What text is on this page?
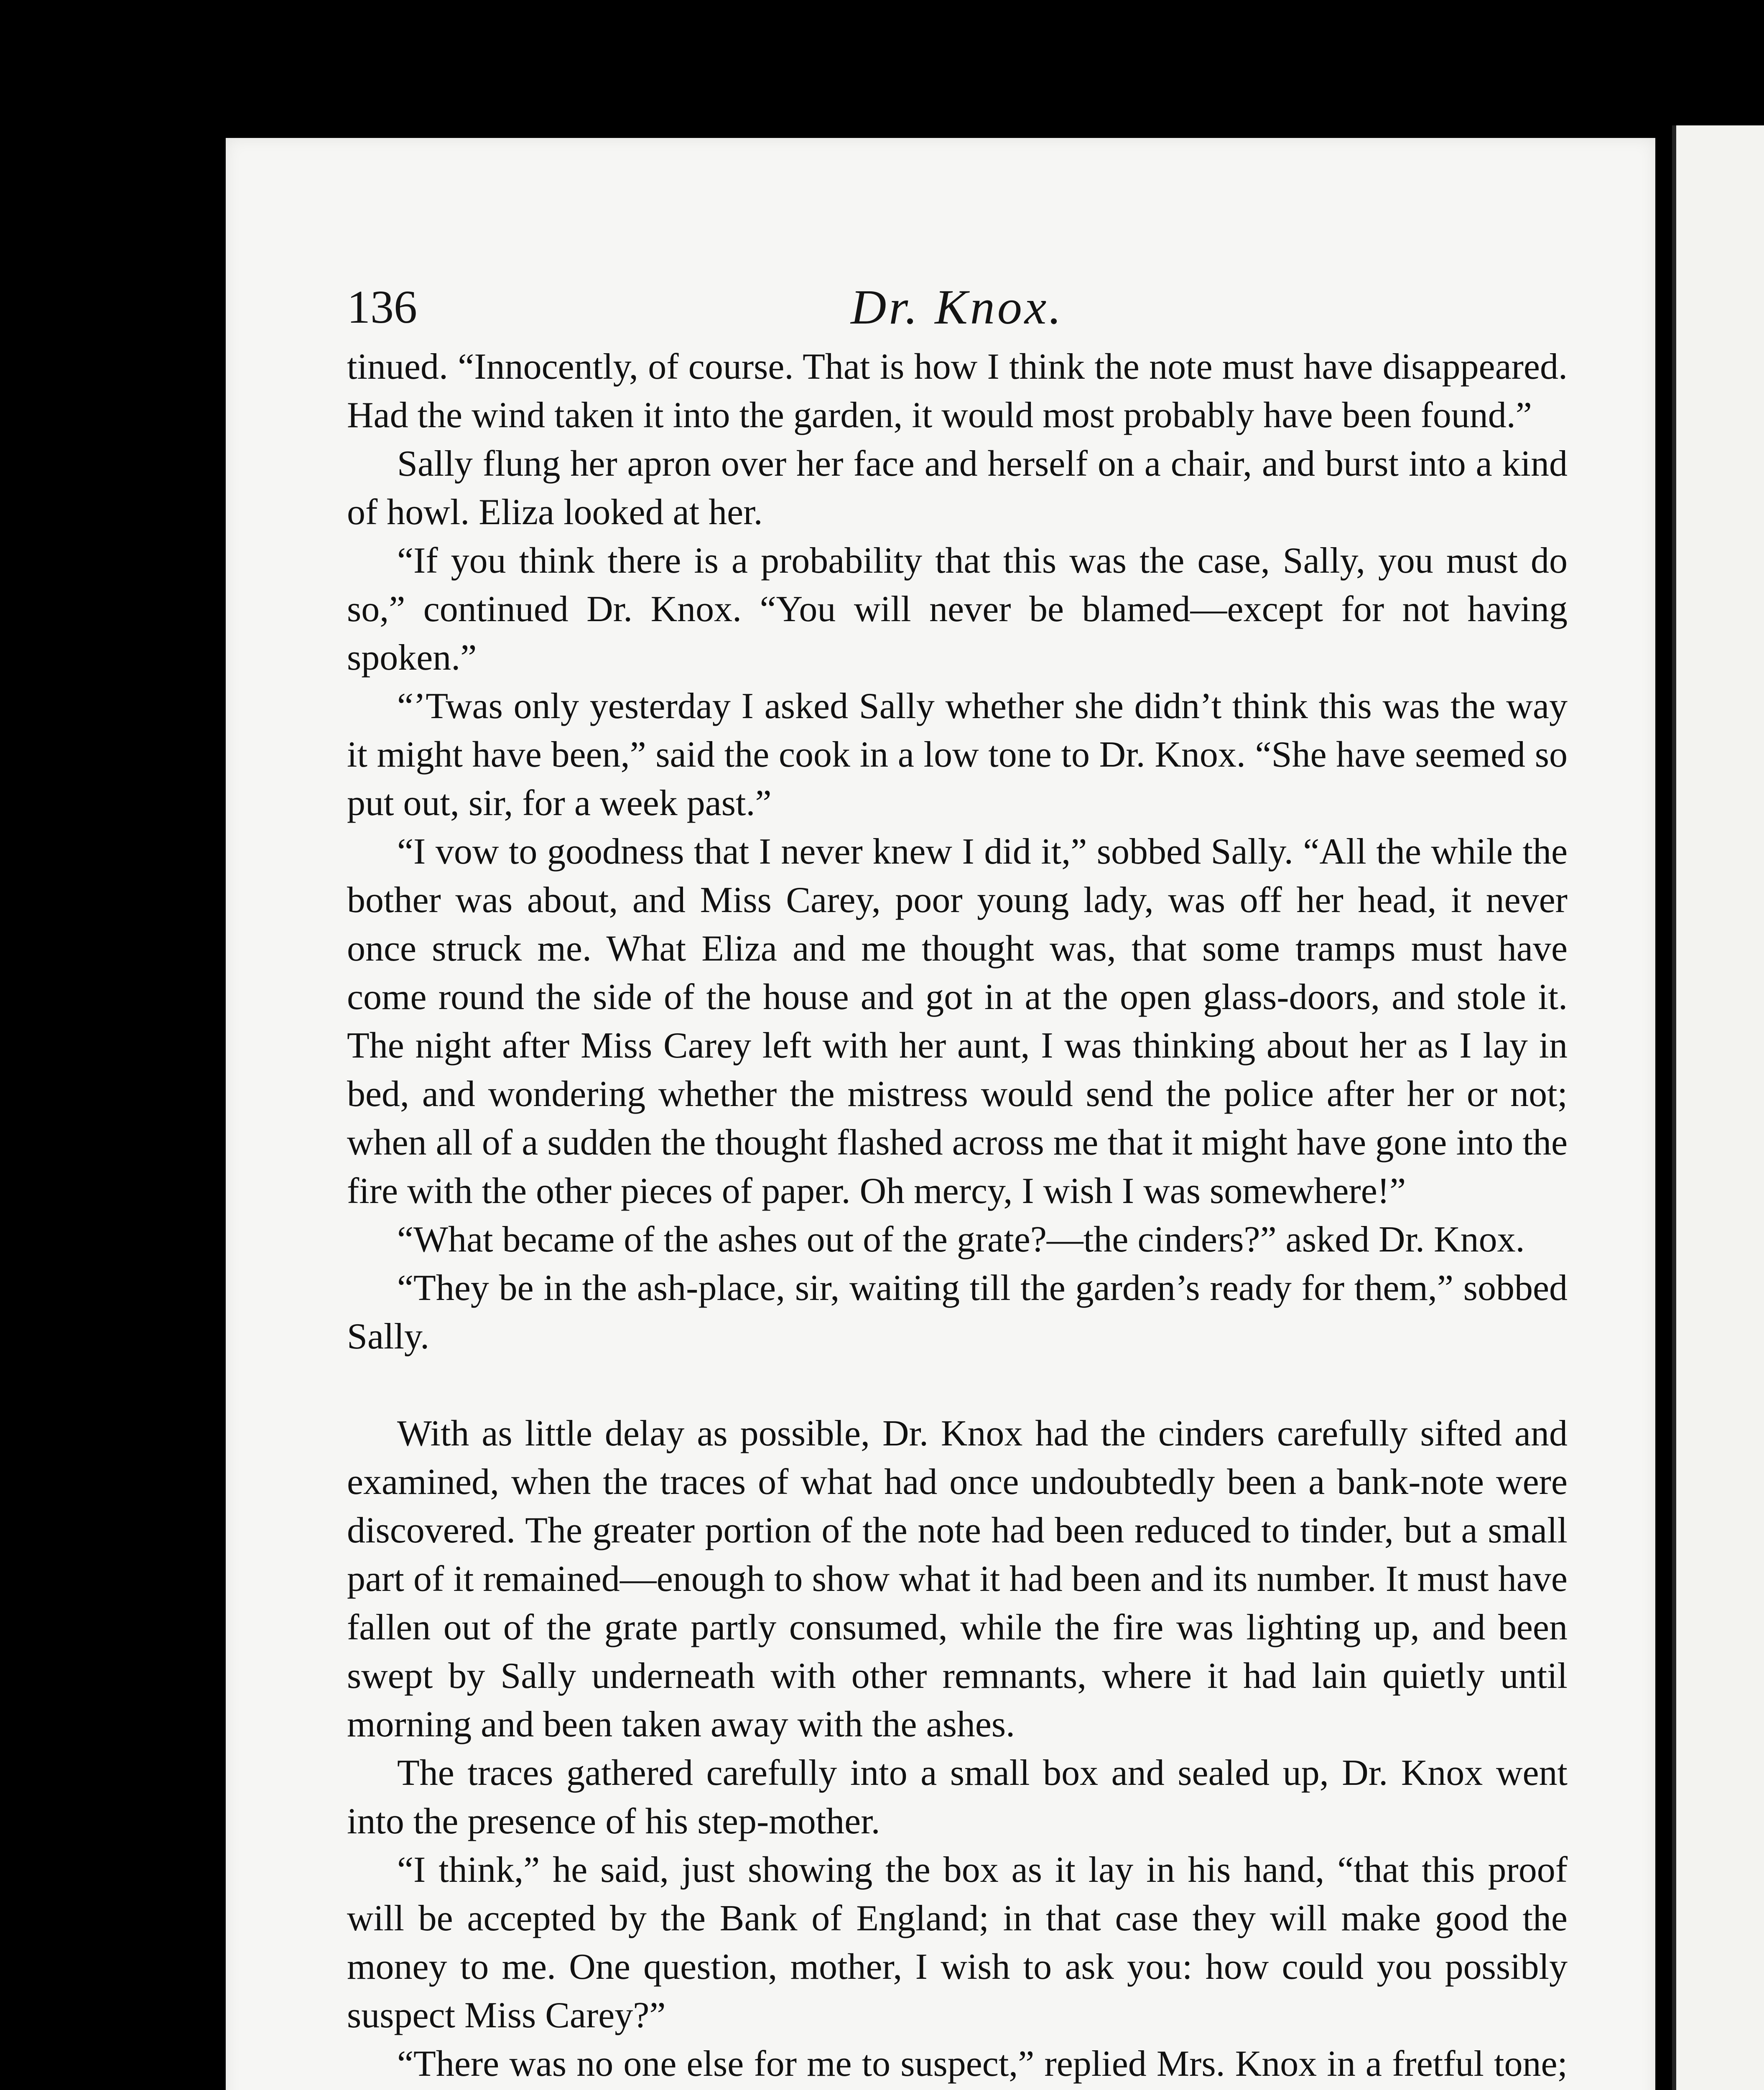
136	Dr. Knox.

tinued. “Innocently, of course. That is how I think the note must have disappeared. Had the wind taken it into the garden, it would most probably have been found.”

Sally flung her apron over her face and herself on a chair, and burst into a kind of howl. Eliza looked at her.

“If you think there is a probability that this was the case, Sally, you must do so,” continued Dr. Knox. “You will never be blamed—except for not having spoken.”

“’Twas only yesterday I asked Sally whether she didn’t think this was the way it might have been,” said the cook in a low tone to Dr. Knox. “She have seemed so put out, sir, for a week past.”

“I vow to goodness that I never knew I did it,” sobbed Sally. “All the while the bother was about, and Miss Carey, poor young lady, was off her head, it never once struck me. What Eliza and me thought was, that some tramps must have come round the side of the house and got in at the open glass-doors, and stole it. The night after Miss Carey left with her aunt, I was thinking about her as I lay in bed, and wondering whether the mistress would send the police after her or not; when all of a sudden the thought flashed across me that it might have gone into the fire with the other pieces of paper. Oh mercy, I wish I was somewhere!”

“What became of the ashes out of the grate?—the cinders?” asked Dr. Knox.

“They be in the ash-place, sir, waiting till the garden’s ready for them,” sobbed Sally.

With as little delay as possible, Dr. Knox had the cinders carefully sifted and examined, when the traces of what had once undoubtedly been a bank-note were discovered. The greater portion of the note had been reduced to tinder, but a small part of it remained—enough to show what it had been and its number. It must have fallen out of the grate partly consumed, while the fire was lighting up, and been swept by Sally underneath with other remnants, where it had lain quietly until morning and been taken away with the ashes.

The traces gathered carefully into a small box and sealed up, Dr. Knox went into the presence of his step-mother.

“I think,” he said, just showing the box as it lay in his hand, “that this proof will be accepted by the Bank of England; in that case they will make good the money to me. One question, mother, I wish to ask you: how could you possibly suspect Miss Carey?”

“There was no one else for me to suspect,” replied Mrs. Knox in a fretful tone;
